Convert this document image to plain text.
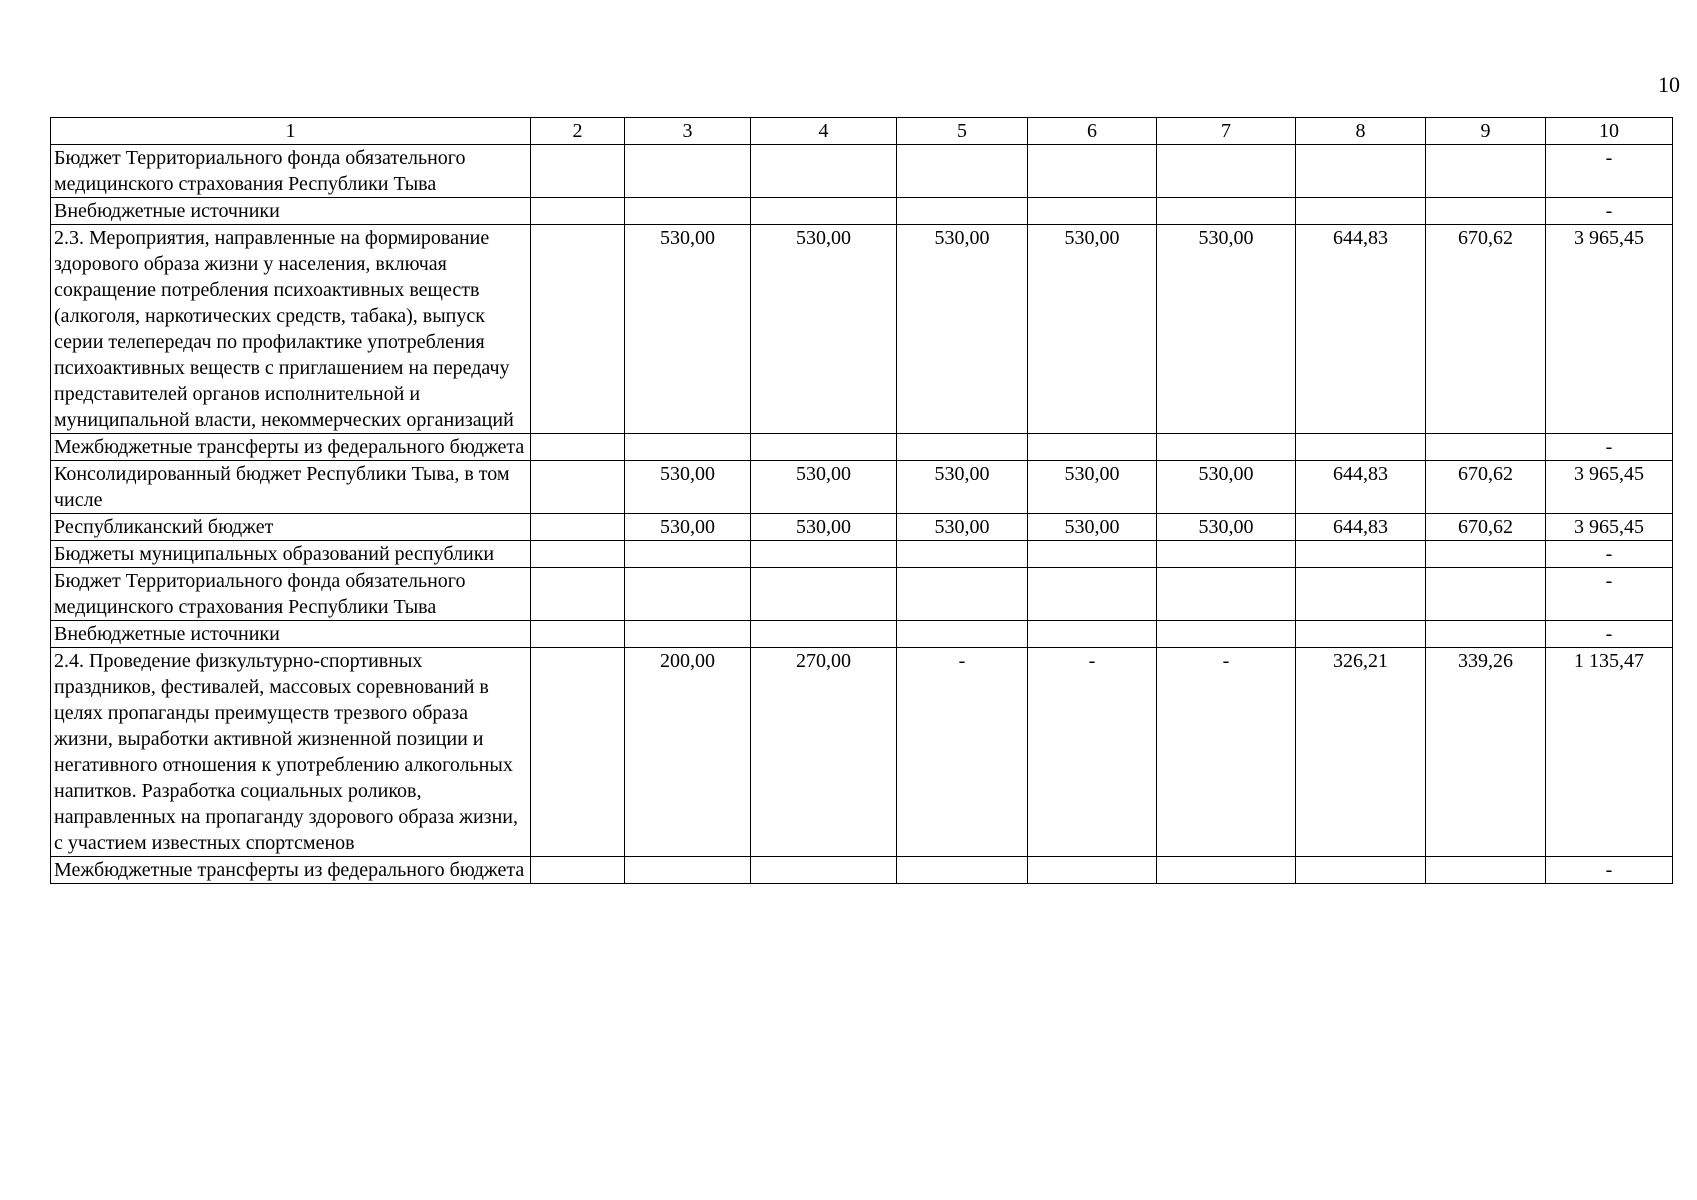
10
1	2	3	4	5	6	7	8	9	10
Бюджет Территориального фонда обязательного медицинского страхования Республики Тыва									-
Внебюджетные источники									-
2.3. Мероприятия, направленные на формирование здорового образа жизни у населения, включая сокращение потребления психоактивных веществ (алкоголя, наркотических средств, табака), выпуск серии телепередач по профилактике употребления психоактивных веществ с приглашением на передачу представителей органов исполнительной и муниципальной власти, некоммерческих организаций		530,00	530,00	530,00	530,00	530,00	644,83	670,62	3 965,45
Межбюджетные трансферты из федерального бюджета									-
Консолидированный бюджет Республики Тыва, в том числе		530,00	530,00	530,00	530,00	530,00	644,83	670,62	3 965,45
Республиканский бюджет		530,00	530,00	530,00	530,00	530,00	644,83	670,62	3 965,45
Бюджеты муниципальных образований республики									-
Бюджет Территориального фонда обязательного медицинского страхования Республики Тыва									-
Внебюджетные источники									-
2.4. Проведение физкультурно-спортивных праздников, фестивалей, массовых соревнований в целях пропаганды преимуществ трезвого образа жизни, выработки активной жизненной позиции и негативного отношения к употреблению алкогольных напитков. Разработка социальных роликов, направленных на пропаганду здорового образа жизни, с участием известных спортсменов		200,00	270,00	-	-	-	326,21	339,26	1 135,47
Межбюджетные трансферты из федерального бюджета									-
